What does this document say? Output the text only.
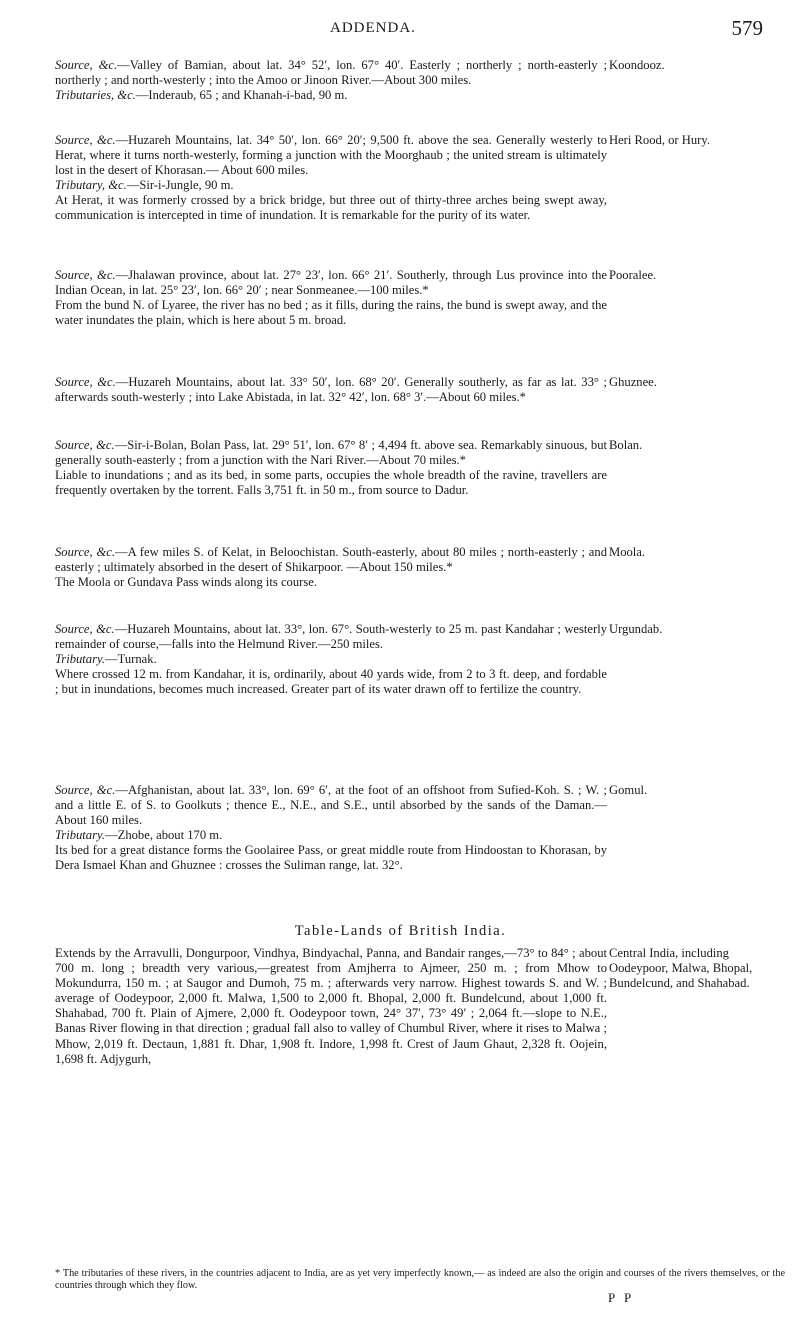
ADDENDA.	579

Source, &c.—Valley of Bamian, about lat. 34° 52′, lon. 67° 40′. Easterly ; northerly ; north-easterly ; northerly ; and north-westerly ; into the Amoo or Jinoon River.—About 300 miles.

Tributaries, &c.—Inderaub, 65 ; and Khanah-i-bad, 90 m.

Koondooz.

Source, &c.—Huzareh Mountains, lat. 34° 50′, lon. 66° 20′; 9,500 ft. above the sea. Generally westerly to Herat, where it turns north-westerly, forming a junction with the Moorghaub ; the united stream is ultimately lost in the desert of Khorasan.— About 600 miles.

Tributary, &c.—Sir-i-Jungle, 90 m.

At Herat, it was formerly crossed by a brick bridge, but three out of thirty-three arches being swept away, communication is intercepted in time of inundation. It is remarkable for the purity of its water.

Heri Rood, or Hury.

Source, &c.—Jhalawan province, about lat. 27° 23′, lon. 66° 21′. Southerly, through Lus province into the Indian Ocean, in lat. 25° 23′, lon. 66° 20′ ; near Sonmeanee.—100 miles.*

From the bund N. of Lyaree, the river has no bed ; as it fills, during the rains, the bund is swept away, and the water inundates the plain, which is here about 5 m. broad.

Pooralee.

Source, &c.—Huzareh Mountains, about lat. 33° 50′, lon. 68° 20′. Generally southerly, as far as lat. 33° ; afterwards south-westerly ; into Lake Abistada, in lat. 32° 42′, lon. 68° 3′.—About 60 miles.*

Ghuznee.

Source, &c.—Sir-i-Bolan, Bolan Pass, lat. 29° 51′, lon. 67° 8′ ; 4,494 ft. above sea. Remarkably sinuous, but generally south-easterly ; from a junction with the Nari River.—About 70 miles.*

Liable to inundations ; and as its bed, in some parts, occupies the whole breadth of the ravine, travellers are frequently overtaken by the torrent. Falls 3,751 ft. in 50 m., from source to Dadur.

Bolan.

Source, &c.—A few miles S. of Kelat, in Beloochistan. South-easterly, about 80 miles ; north-easterly ; and easterly ; ultimately absorbed in the desert of Shikarpoor. —About 150 miles.*

The Moola or Gundava Pass winds along its course.

Moola.

Source, &c.—Huzareh Mountains, about lat. 33°, lon. 67°. South-westerly to 25 m. past Kandahar ; westerly remainder of course,—falls into the Helmund River.—250 miles.

Tributary.—Turnak.

Where crossed 12 m. from Kandahar, it is, ordinarily, about 40 yards wide, from 2 to 3 ft. deep, and fordable ; but in inundations, becomes much increased. Greater part of its water drawn off to fertilize the country.

Urgundab.

Source, &c.—Afghanistan, about lat. 33°, lon. 69° 6′, at the foot of an offshoot from Sufied-Koh. S. ; W. ; and a little E. of S. to Goolkuts ; thence E., N.E., and S.E., until absorbed by the sands of the Daman.—About 160 miles.

Tributary.—Zhobe, about 170 m.

Its bed for a great distance forms the Goolairee Pass, or great middle route from Hindoostan to Khorasan, by Dera Ismael Khan and Ghuznee : crosses the Suliman range, lat. 32°.

Gomul.
Table-Lands of British India.
Extends by the Arravulli, Dongurpoor, Vindhya, Bindyachal, Panna, and Bandair ranges,—73° to 84° ; about 700 m. long ; breadth very various,—greatest from Amjherra to Ajmeer, 250 m. ; from Mhow to Mokundurra, 150 m. ; at Saugor and Dumoh, 75 m. ; afterwards very narrow. Highest towards S. and W. ; average of Oodeypoor, 2,000 ft. Malwa, 1,500 to 2,000 ft. Bhopal, 2,000 ft. Bundelcund, about 1,000 ft. Shahabad, 700 ft. Plain of Ajmere, 2,000 ft. Oodeypoor town, 24° 37′, 73° 49′ ; 2,064 ft.—slope to N.E., Banas River flowing in that direction ; gradual fall also to valley of Chumbul River, where it rises to Malwa ; Mhow, 2,019 ft. Dectaun, 1,881 ft. Dhar, 1,908 ft. Indore, 1,998 ft. Crest of Jaum Ghaut, 2,328 ft. Oojein, 1,698 ft. Adjygurh,
Central India, including Oodeypoor, Malwa, Bhopal, Bundelcund, and Shahabad.
* The tributaries of these rivers, in the countries adjacent to India, are as yet very imperfectly known,— as indeed are also the origin and courses of the rivers themselves, or the countries through which they flow.
P P
